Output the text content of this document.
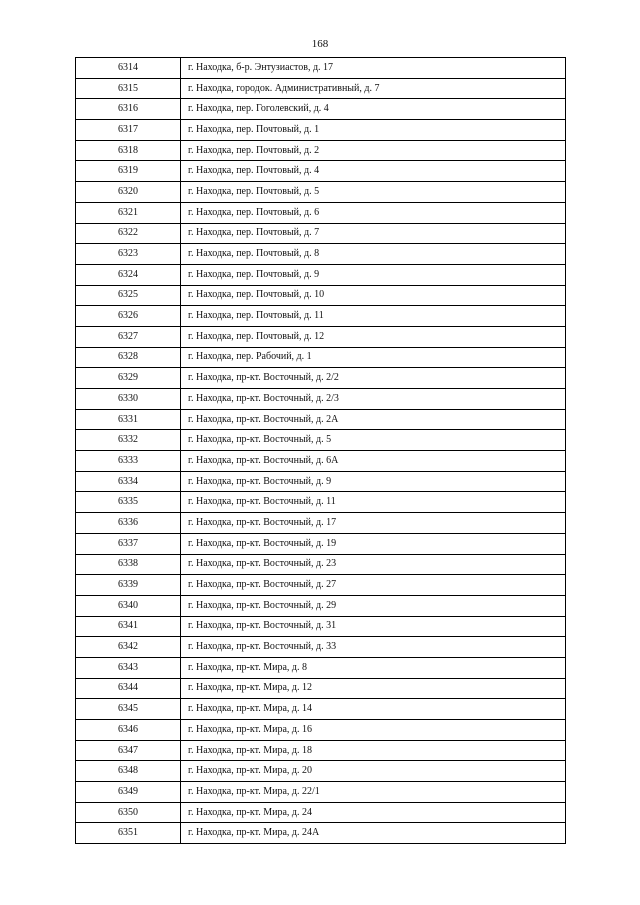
168
6314	г. Находка, б-р. Энтузиастов, д. 17
6315	г. Находка, городок. Административный, д. 7
6316	г. Находка, пер. Гоголевский, д. 4
6317	г. Находка, пер. Почтовый, д. 1
6318	г. Находка, пер. Почтовый, д. 2
6319	г. Находка, пер. Почтовый, д. 4
6320	г. Находка, пер. Почтовый, д. 5
6321	г. Находка, пер. Почтовый, д. 6
6322	г. Находка, пер. Почтовый, д. 7
6323	г. Находка, пер. Почтовый, д. 8
6324	г. Находка, пер. Почтовый, д. 9
6325	г. Находка, пер. Почтовый, д. 10
6326	г. Находка, пер. Почтовый, д. 11
6327	г. Находка, пер. Почтовый, д. 12
6328	г. Находка, пер. Рабочий, д. 1
6329	г. Находка, пр-кт. Восточный, д. 2/2
6330	г. Находка, пр-кт. Восточный, д. 2/3
6331	г. Находка, пр-кт. Восточный, д. 2А
6332	г. Находка, пр-кт. Восточный, д. 5
6333	г. Находка, пр-кт. Восточный, д. 6А
6334	г. Находка, пр-кт. Восточный, д. 9
6335	г. Находка, пр-кт. Восточный, д. 11
6336	г. Находка, пр-кт. Восточный, д. 17
6337	г. Находка, пр-кт. Восточный, д. 19
6338	г. Находка, пр-кт. Восточный, д. 23
6339	г. Находка, пр-кт. Восточный, д. 27
6340	г. Находка, пр-кт. Восточный, д. 29
6341	г. Находка, пр-кт. Восточный, д. 31
6342	г. Находка, пр-кт. Восточный, д. 33
6343	г. Находка, пр-кт. Мира, д. 8
6344	г. Находка, пр-кт. Мира, д. 12
6345	г. Находка, пр-кт. Мира, д. 14
6346	г. Находка, пр-кт. Мира, д. 16
6347	г. Находка, пр-кт. Мира, д. 18
6348	г. Находка, пр-кт. Мира, д. 20
6349	г. Находка, пр-кт. Мира, д. 22/1
6350	г. Находка, пр-кт. Мира, д. 24
6351	г. Находка, пр-кт. Мира, д. 24А
